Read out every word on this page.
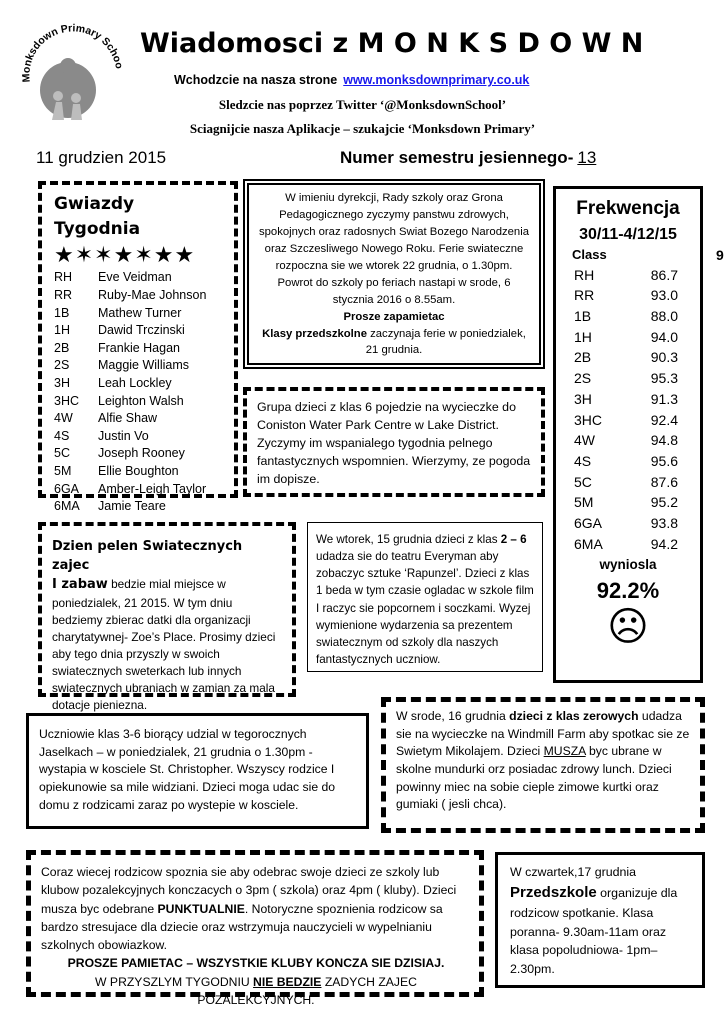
Monksdown Primary Schoo
Wiadomosci z M O N K S D O W N
Wchodzcie na nasza strone www.monksdownprimary.co.uk
Sledzcie nas poprzez Twitter ‘@MonksdownSchool’
Sciagnijcie nasza Aplikacje – szukajcie ‘Monksdown Primary’
11 grudzien 2015	Numer semestru jesiennego- 13
Gwiazdy Tygodnia
★✶✶★✶★★
RH	Eve Veidman
RR	Ruby-Mae Johnson
1B	Mathew Turner
1H	Dawid Trczinski
2B	Frankie Hagan
2S	Maggie Williams
3H	Leah Lockley
3HC	Leighton Walsh
4W	Alfie Shaw
4S	Justin Vo
5C	Joseph Rooney
5M	Ellie Boughton
6GA	Amber-Leigh Taylor
6MA	Jamie Teare

W imieniu dyrekcji, Rady szkoly oraz Grona Pedagogicznego zyczymy panstwu zdrowych, spokojnych oraz radosnych Swiat Bozego Narodzenia oraz Szczesliwego Nowego Roku. Ferie swiateczne rozpoczna sie we wtorek 22 grudnia, o 1.30pm. Powrot do szkoly po feriach nastapi w srode, 6 stycznia 2016 o 8.55am.

Prosze zapamietac

Klasy przedszkolne zaczynaja ferie w poniedzialek, 21 grudnia.

Grupa dzieci z klas 6 pojedzie na wycieczke do Coniston Water Park Centre w Lake District. Zyczymy im wspanialego tygodnia pelnego fantastycznych wspomnien. Wierzymy, ze pogoda im dopisze.

Frekwencja
30/11-4/12/15
Class
RH	86.7
RR	93.0
1B	88.0
1H	94.0
2B	90.3
2S	95.3
3H	91.3
3HC	92.4
4W	94.8
4S	95.6
5C	87.6
5M	95.2
6GA	93.8
6MA	94.2
wyniosla
92.2%
☹
9

Dzien pelen Swiatecznych zajec
I zabaw bedzie mial miejsce w poniedzialek, 21 2015. W tym dniu bedziemy zbierac datki dla organizacji charytatywnej- Zoe’s Place. Prosimy dzieci aby tego dnia przyszly w swoich swiatecznych sweterkach lub innych swiatecznych ubraniach w zamian za mala dotacje pieniezna.

We wtorek, 15 grudnia dzieci z klas 2 – 6 udadza sie do teatru Everyman aby zobaczyc sztuke ‘Rapunzel’. Dzieci z klas 1 beda w tym czasie ogladac w szkole film I raczyc sie popcornem i soczkami. Wyzej wymienione wydarzenia sa prezentem swiatecznym od szkoly dla naszych fantastycznych uczniow.

Uczniowie klas 3-6 biorący udzial w tegorocznych Jaselkach – w poniedzialek, 21 grudnia o 1.30pm - wystapia w kosciele St. Christopher. Wszyscy rodzice I opiekunowie sa mile widziani. Dzieci moga udac sie do domu z rodzicami zaraz po wystepie w kosciele.

W srode, 16 grudnia dzieci z klas zerowych udadza sie na wycieczke na Windmill Farm aby spotkac sie ze Swietym Mikolajem. Dzieci MUSZA byc ubrane w skolne mundurki orz posiadac zdrowy lunch. Dzieci powinny miec na sobie cieple zimowe kurtki oraz gumiaki ( jesli chca).

Coraz wiecej rodzicow spoznia sie aby odebrac swoje dzieci ze szkoly lub klubow pozalekcyjnych konczacych o 3pm ( szkola) oraz 4pm ( kluby). Dzieci musza byc odebrane PUNKTUALNIE. Notoryczne spoznienia rodzicow sa bardzo stresujace dla dziecie oraz wstrzymuja nauczycieli w wypelnianiu szkolnych obowiazkow.

PROSZE PAMIETAC – WSZYSTKIE KLUBY KONCZA SIE DZISIAJ.

W PRZYSZLYM TYGODNIU NIE BEDZIE ZADYCH ZAJEC POZALEKCYJNYCH.

W czwartek,17 grudnia

Przedszkole organizuje dla rodzicow spotkanie. Klasa poranna- 9.30am-11am oraz klasa popoludniowa- 1pm–2.30pm.
